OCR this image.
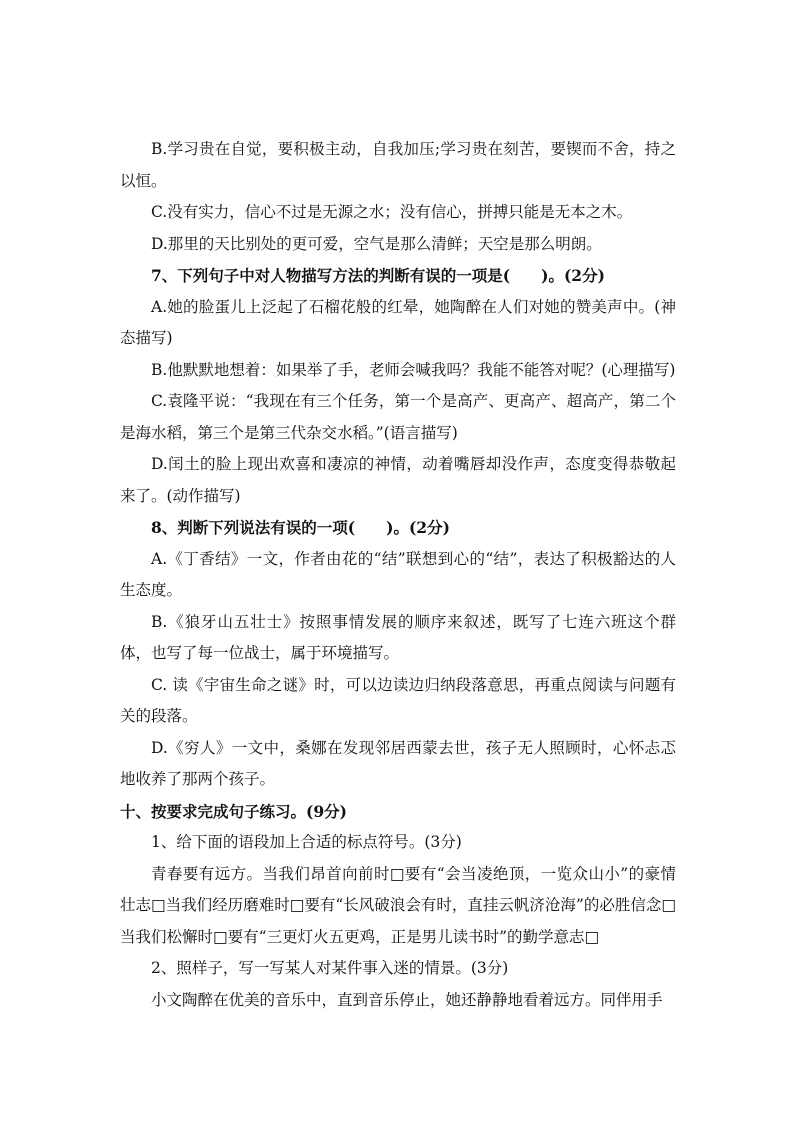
B.学习贵在自觉，要积极主动，自我加压;学习贵在刻苦，要锲而不舍，持之以恒。

C.没有实力，信心不过是无源之水；没有信心，拼搏只能是无本之木。

D.那里的天比别处的更可爱，空气是那么清鲜；天空是那么明朗。

7、下列句子中对人物描写方法的判断有误的一项是(　　)。(2分)

A.她的脸蛋儿上泛起了石榴花般的红晕，她陶醉在人们对她的赞美声中。(神态描写)

B.他默默地想着：如果举了手，老师会喊我吗？我能不能答对呢？(心理描写)

C.袁隆平说：“我现在有三个任务，第一个是高产、更高产、超高产，第二个是海水稻，第三个是第三代杂交水稻。”(语言描写)

D.闰土的脸上现出欢喜和凄凉的神情，动着嘴唇却没作声，态度变得恭敬起来了。(动作描写)

8、判断下列说法有误的一项(　　)。(2分)

A.《丁香结》一文，作者由花的“结”联想到心的“结”，表达了积极豁达的人生态度。

B.《狼牙山五壮士》按照事情发展的顺序来叙述，既写了七连六班这个群体，也写了每一位战士，属于环境描写。

C. 读《宇宙生命之谜》时，可以边读边归纳段落意思，再重点阅读与问题有关的段落。

D.《穷人》一文中，桑娜在发现邻居西蒙去世，孩子无人照顾时，心怀忐忑地收养了那两个孩子。

十、按要求完成句子练习。(9分)

1、给下面的语段加上合适的标点符号。(3分)

青春要有远方。当我们昂首向前时□要有“会当凌绝顶，一览众山小”的豪情壮志□当我们经历磨难时□要有“长风破浪会有时，直挂云帆济沧海”的必胜信念□当我们松懈时□要有“三更灯火五更鸡，正是男儿读书时”的勤学意志□

2、照样子，写一写某人对某件事入迷的情景。(3分)

小文陶醉在优美的音乐中，直到音乐停止，她还静静地看着远方。同伴用手
